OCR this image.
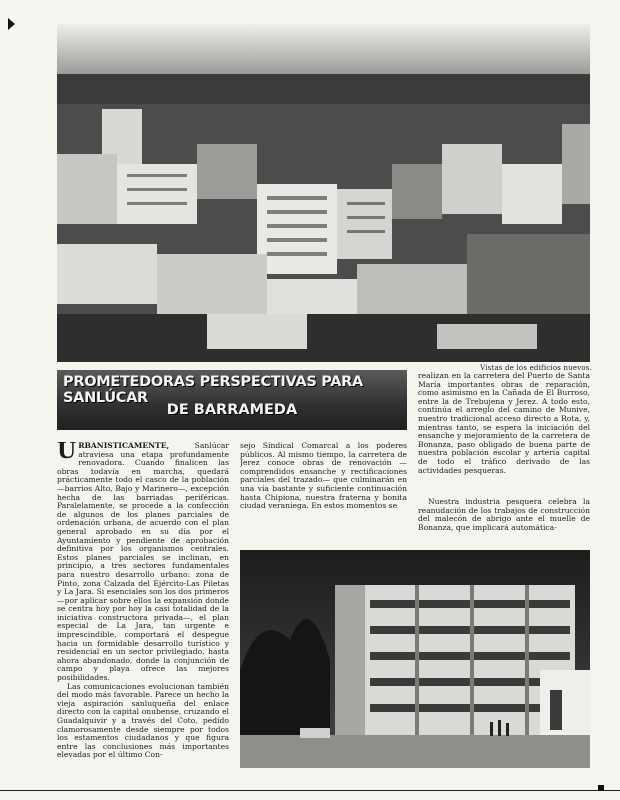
Vistas de los edificios nuevos.
PROMETEDORAS PERSPECTIVAS PARA SANLÚCAR
DE BARRAMEDA

URBANISTICAMENTE, Sanlúcar atraviesa una etapa profundamente renovadora. Cuando finalicen las obras todavía en marcha, quedará prácticamente todo el casco de la población —barrios Alto, Bajo y Marinero—, excepción hecha de las barriadas periféricas. Paralelamente, se procede a la confección de algunos de los planes parciales de ordenación urbana, de acuerdo con el plan general aprobado en su día por el Ayuntamiento y pendiente de aprobación definitiva por los organismos centrales. Estos planes parciales se inclinan, en principio, a tres sectores fundamentales para nuestro desarrollo urbano: zona de Pinto, zona Calzada del Ejército-Las Piletas y La Jara. Si esenciales son los dos primeros —por aplicar sobre ellos la expansión donde se centra hoy por hoy la casi totalidad de la iniciativa constructora privada—, el plan especial de La Jara, tan urgente e imprescindible, comportará el despegue hacia un formidable desarrollo turístico y residencial en un sector privilegiado, hasta ahora abandonado, donde la conjunción de campo y playa ofrece las mejores posibilidades.

Las comunicaciones evolucionan también del modo más favorable. Parece un hecho la vieja aspiración sanluqueña del enlace directo con la capital onubense, cruzando el Guadalquivir y a través del Coto, pedido clamorosamente desde siempre por todos los estamentos ciudadanos y que figura entre las conclusiones más importantes elevadas por el último Con-

sejo Sindical Comarcal a los poderes públicos. Al mismo tiempo, la carretera de Jerez conoce obras de renovación —comprendidos ensanche y rectificaciones parciales del trazado— que culminarán en una vía bastante y suficiente continuación hasta Chipiona, nuestra fraterna y bonita ciudad veraniega. En estos momentos se

realizan en la carretera del Puerto de Santa María importantes obras de reparación, como asimismo en la Cañada de El Burroso, entre la de Trebujena y Jerez. A todo esto, continúa el arreglo del camino de Munive, nuestro tradicional acceso directo a Rota, y, mientras tanto, se espera la iniciación del ensanche y mejoramiento de la carretera de Bonanza, paso obligado de buena parte de nuestra población escolar y arteria capital de todo el tráfico derivado de las actividades pesqueras.

Nuestra industria pesquera celebra la reanudación de los trabajos de construcción del malecón de abrigo ante el muelle de Bonanza, que implicará automática-
